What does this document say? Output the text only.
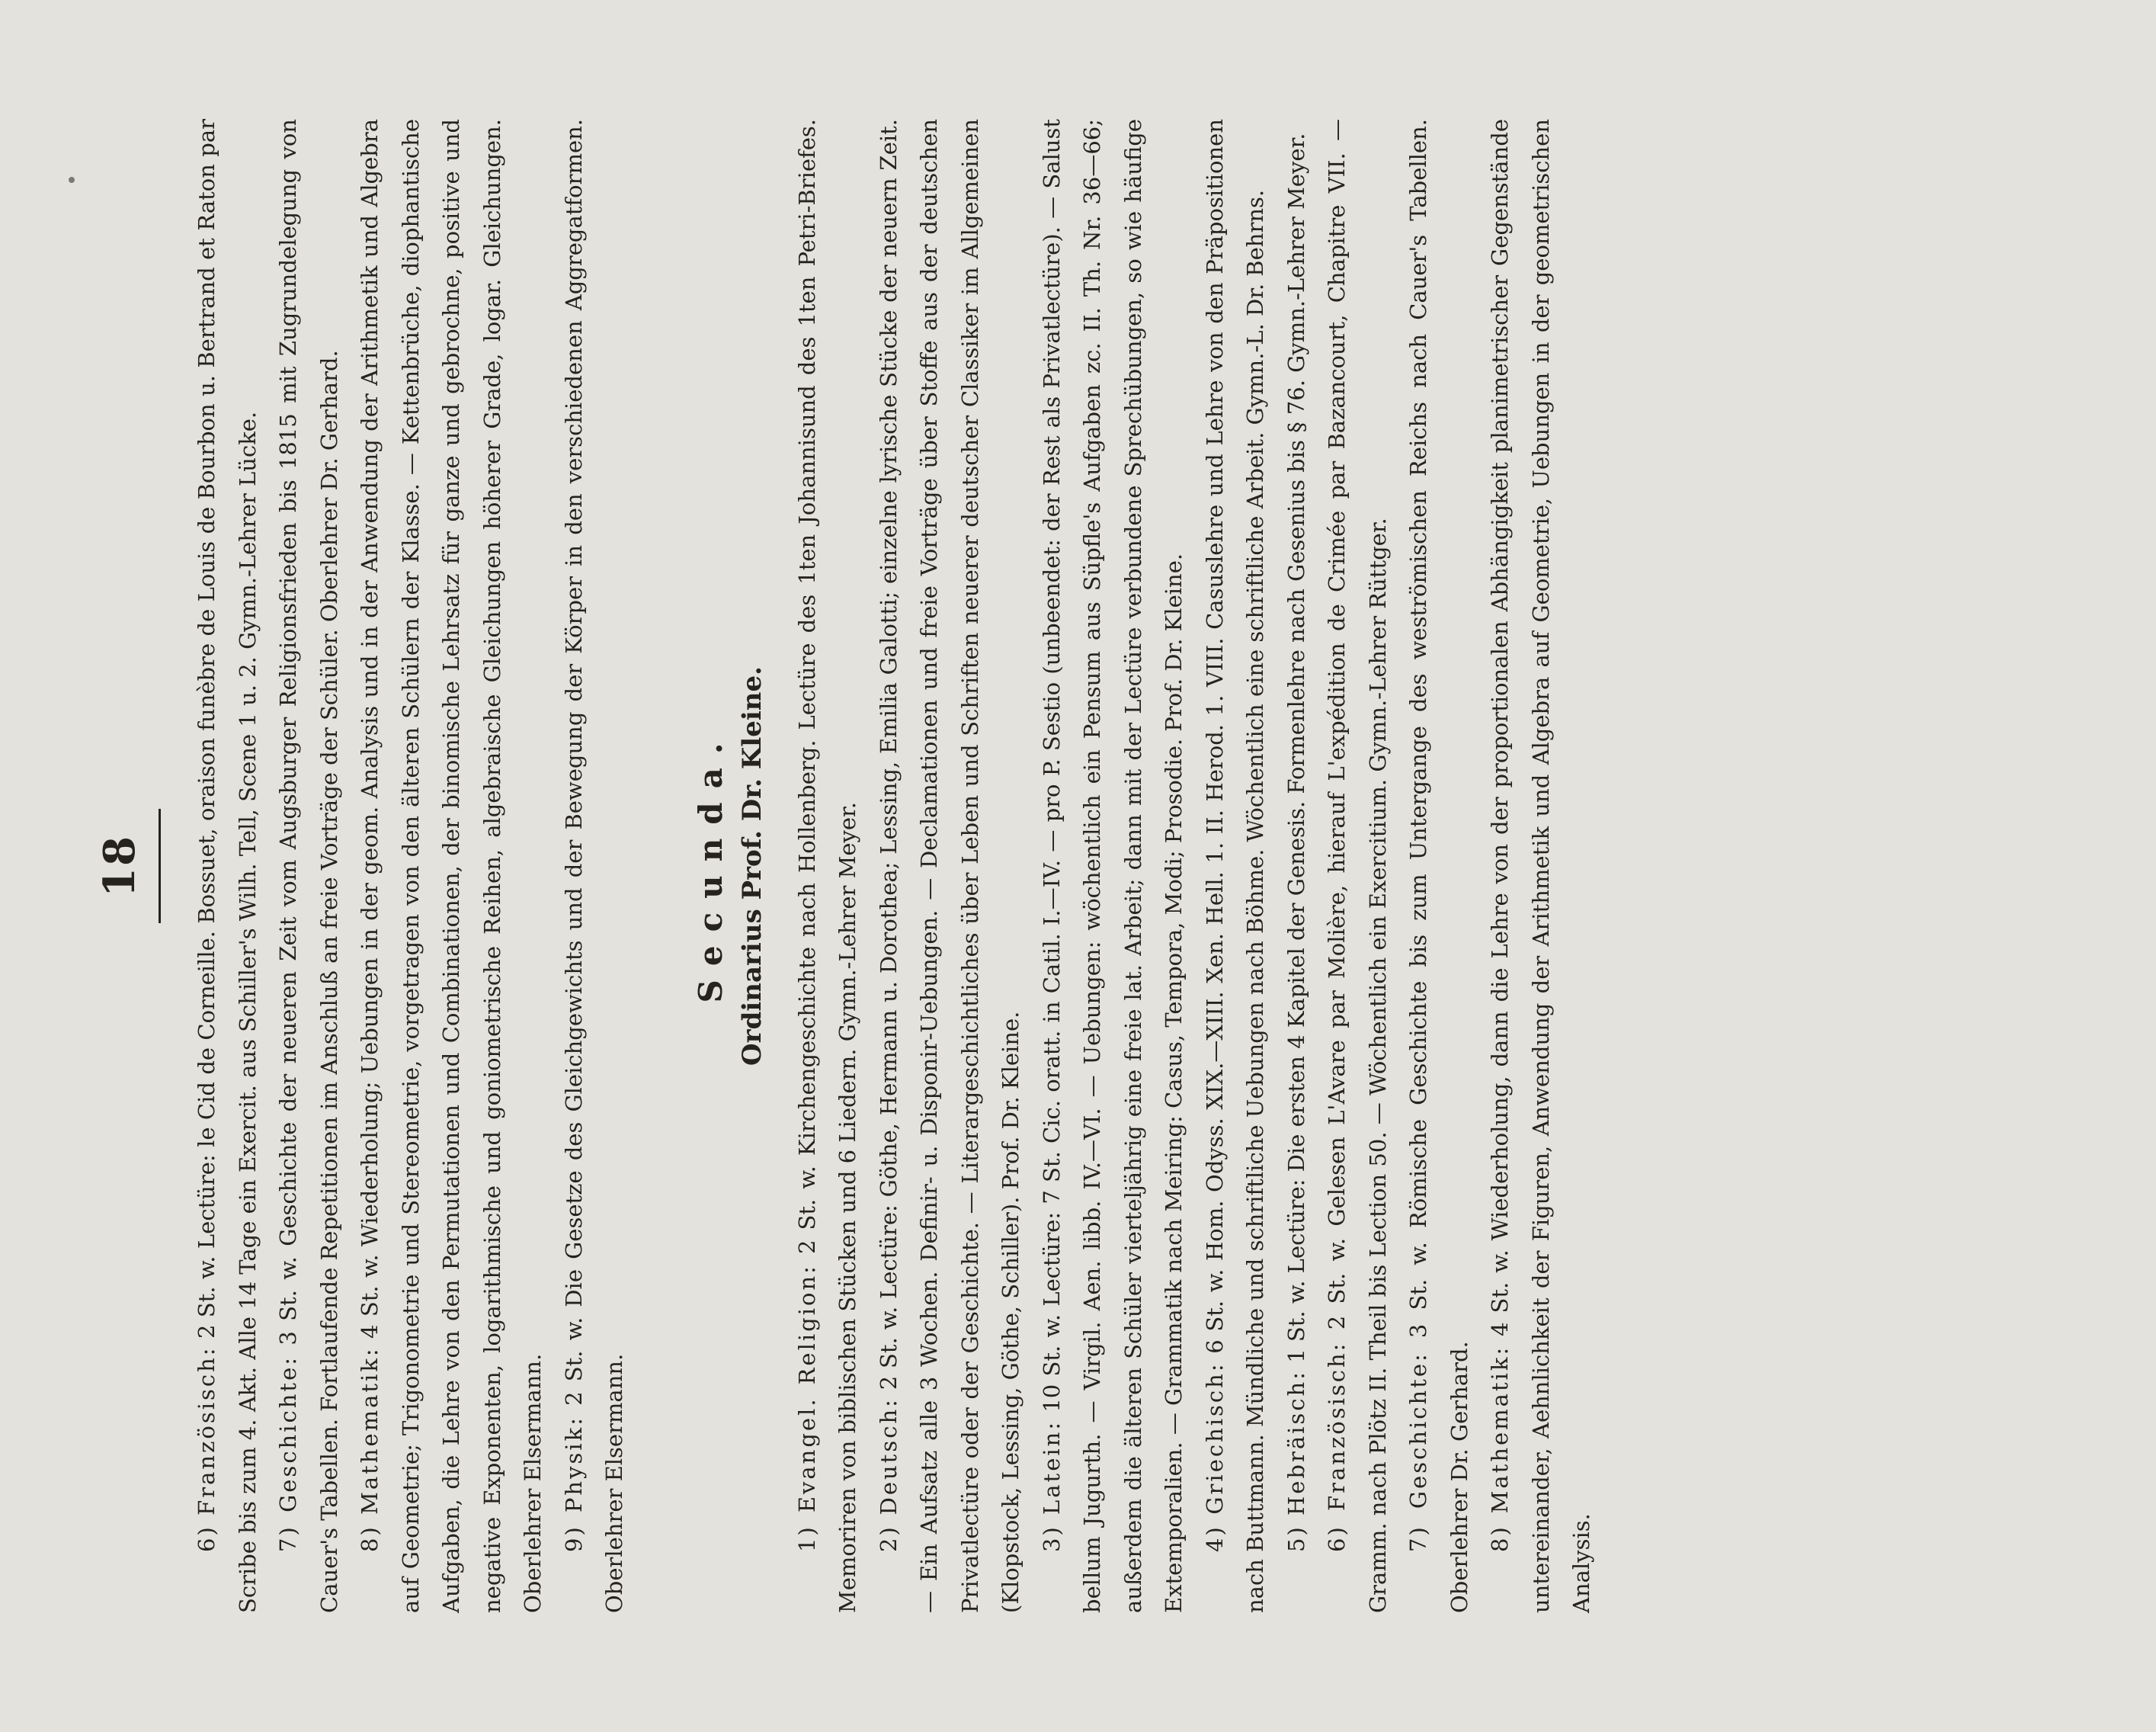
18

6) Französisch: 2 St. w. Lectüre: le Cid de Corneille. Bossuet, oraison funèbre de Louis de Bourbon u. Bertrand et Raton par Scribe bis zum 4. Akt. Alle 14 Tage ein Exercit. aus Schiller's Wilh. Tell, Scene 1 u. 2. Gymn.-Lehrer Lücke. 7) Geschichte: 3 St. w. Geschichte der neueren Zeit vom Augsburger Religionsfrieden bis 1815 mit Zugrundelegung von Cauer's Tabellen. Fortlaufende Repetitionen im Anschluß an freie Vorträge der Schüler. Oberlehrer Dr. Gerhard. 8) Mathematik: 4 St. w. Wiederholung; Uebungen in der geom. Analysis und in der Anwendung der Arithmetik und Algebra auf Geometrie; Trigonometrie und Stereometrie, vorgetragen von den älteren Schülern der Klasse. — Kettenbrüche, diophantische Aufgaben, die Lehre von den Permutationen und Combinationen, der binomische Lehrsatz für ganze und gebrochne, positive und negative Exponenten, logarithmische und goniometrische Reihen, algebraische Gleichungen höherer Grade, logar. Gleichungen. Oberlehrer Elsermann. 9) Physik: 2 St. w. Die Gesetze des Gleichgewichts und der Bewegung der Körper in den verschiedenen Aggregatformen. Oberlehrer Elsermann.

Secunda. Ordinarius Prof. Dr. Kleine.

1) Evangel. Religion: 2 St. w. Kirchengeschichte nach Hollenberg. Lectüre des 1ten Johannisund des 1ten Petri-Briefes. Memoriren von biblischen Stücken und 6 Liedern. Gymn.-Lehrer Meyer. 2) Deutsch: 2 St. w. Lectüre: Göthe, Hermann u. Dorothea; Lessing, Emilia Galotti; einzelne lyrische Stücke der neuern Zeit. — Ein Aufsatz alle 3 Wochen. Definir- u. Disponir-Uebungen. — Declamationen und freie Vorträge über Stoffe aus der deutschen Privatlectüre oder der Geschichte. — Literargeschichtliches über Leben und Schriften neuerer deutscher Classiker im Allgemeinen (Klopstock, Lessing, Göthe, Schiller). Prof. Dr. Kleine. 3) Latein: 10 St. w. Lectüre: 7 St. Cic. oratt. in Catil. I.—IV. — pro P. Sestio (unbeendet: der Rest als Privatlectüre). — Salust bellum Jugurth. — Virgil. Aen. libb. IV.—VI. — Uebungen: wöchentlich ein Pensum aus Süpfle's Aufgaben zc. II. Th. Nr. 36—66; außerdem die älteren Schüler vierteljährig eine freie lat. Arbeit; dann mit der Lectüre verbundene Sprechübungen, so wie häufige Extemporalien. — Grammatik nach Meiring: Casus, Tempora, Modi; Prosodie. Prof. Dr. Kleine. 4) Griechisch: 6 St. w. Hom. Odyss. XIX.—XIII. Xen. Hell. 1. II. Herod. 1. VIII. Casuslehre und Lehre von den Präpositionen nach Buttmann. Mündliche und schriftliche Uebungen nach Böhme. Wöchentlich eine schriftliche Arbeit. Gymn.-L. Dr. Behrns. 5) Hebräisch: 1 St. w. Lectüre: Die ersten 4 Kapitel der Genesis. Formenlehre nach Gesenius bis § 76. Gymn.-Lehrer Meyer.

6) Französisch: 2 St. w. Gelesen L'Avare par Molière, hierauf L'expédition de Crimée par Bazancourt, Chapitre VII. — Gramm. nach Plötz II. Theil bis Lection 50. — Wöchentlich ein Exercitium. Gymn.-Lehrer Rüttger. 7) Geschichte: 3 St. w. Römische Geschichte bis zum Untergange des weströmischen Reichs nach Cauer's Tabellen. Oberlehrer Dr. Gerhard. 8) Mathematik: 4 St. w. Wiederholung, dann die Lehre von der proportionalen Abhängigkeit planimetrischer Gegenstände untereinander, Aehnlichkeit der Figuren, Anwendung der Arithmetik und Algebra auf Geometrie, Uebungen in der geometrischen Analysis.
